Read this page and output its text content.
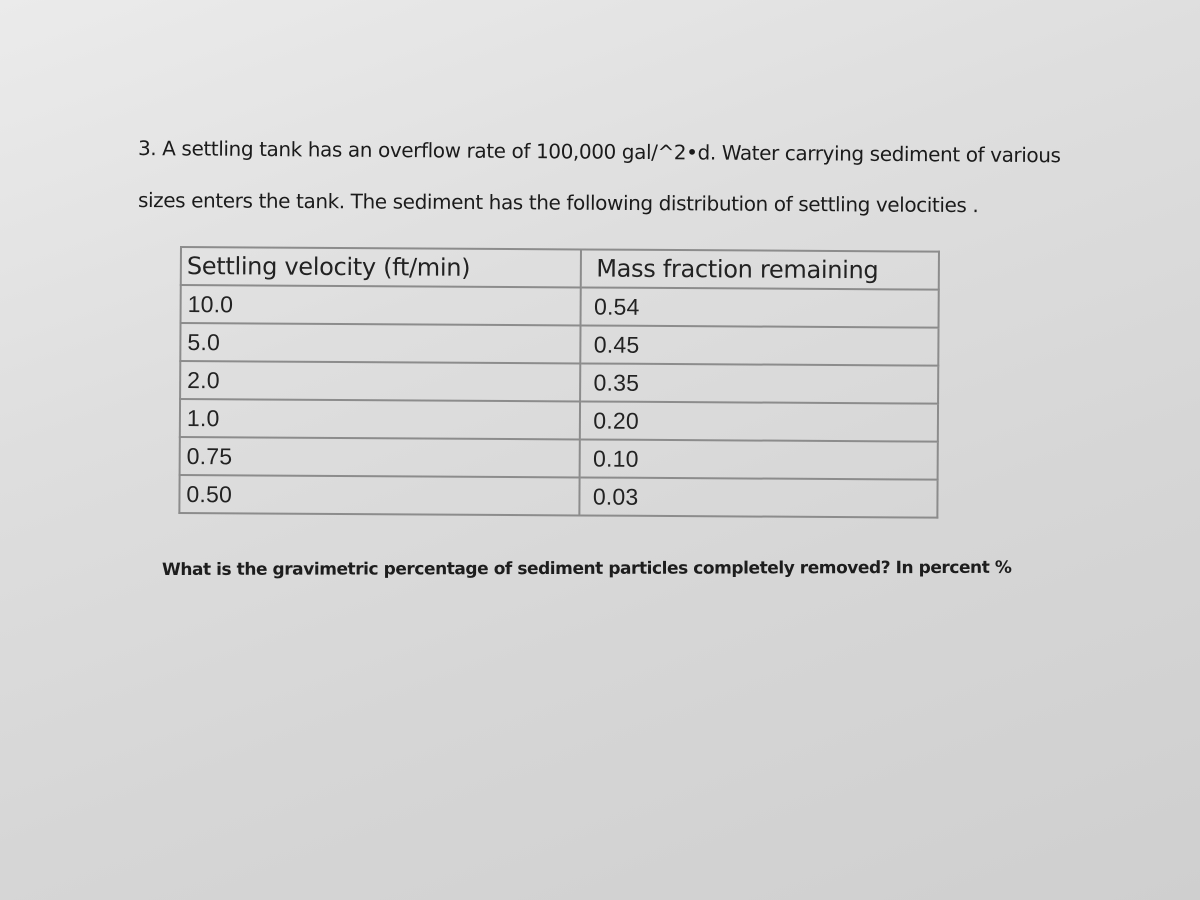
3. A settling tank has an overflow rate of 100,000 gal/^2•d. Water carrying sediment of various
sizes enters the tank. The sediment has the following distribution of settling velocities .
Settling velocity (ft/min)	Mass fraction remaining
10.0	0.54
5.0	0.45
2.0	0.35
1.0	0.20
0.75	0.10
0.50	0.03
What is the gravimetric percentage of sediment particles completely removed? In percent %
